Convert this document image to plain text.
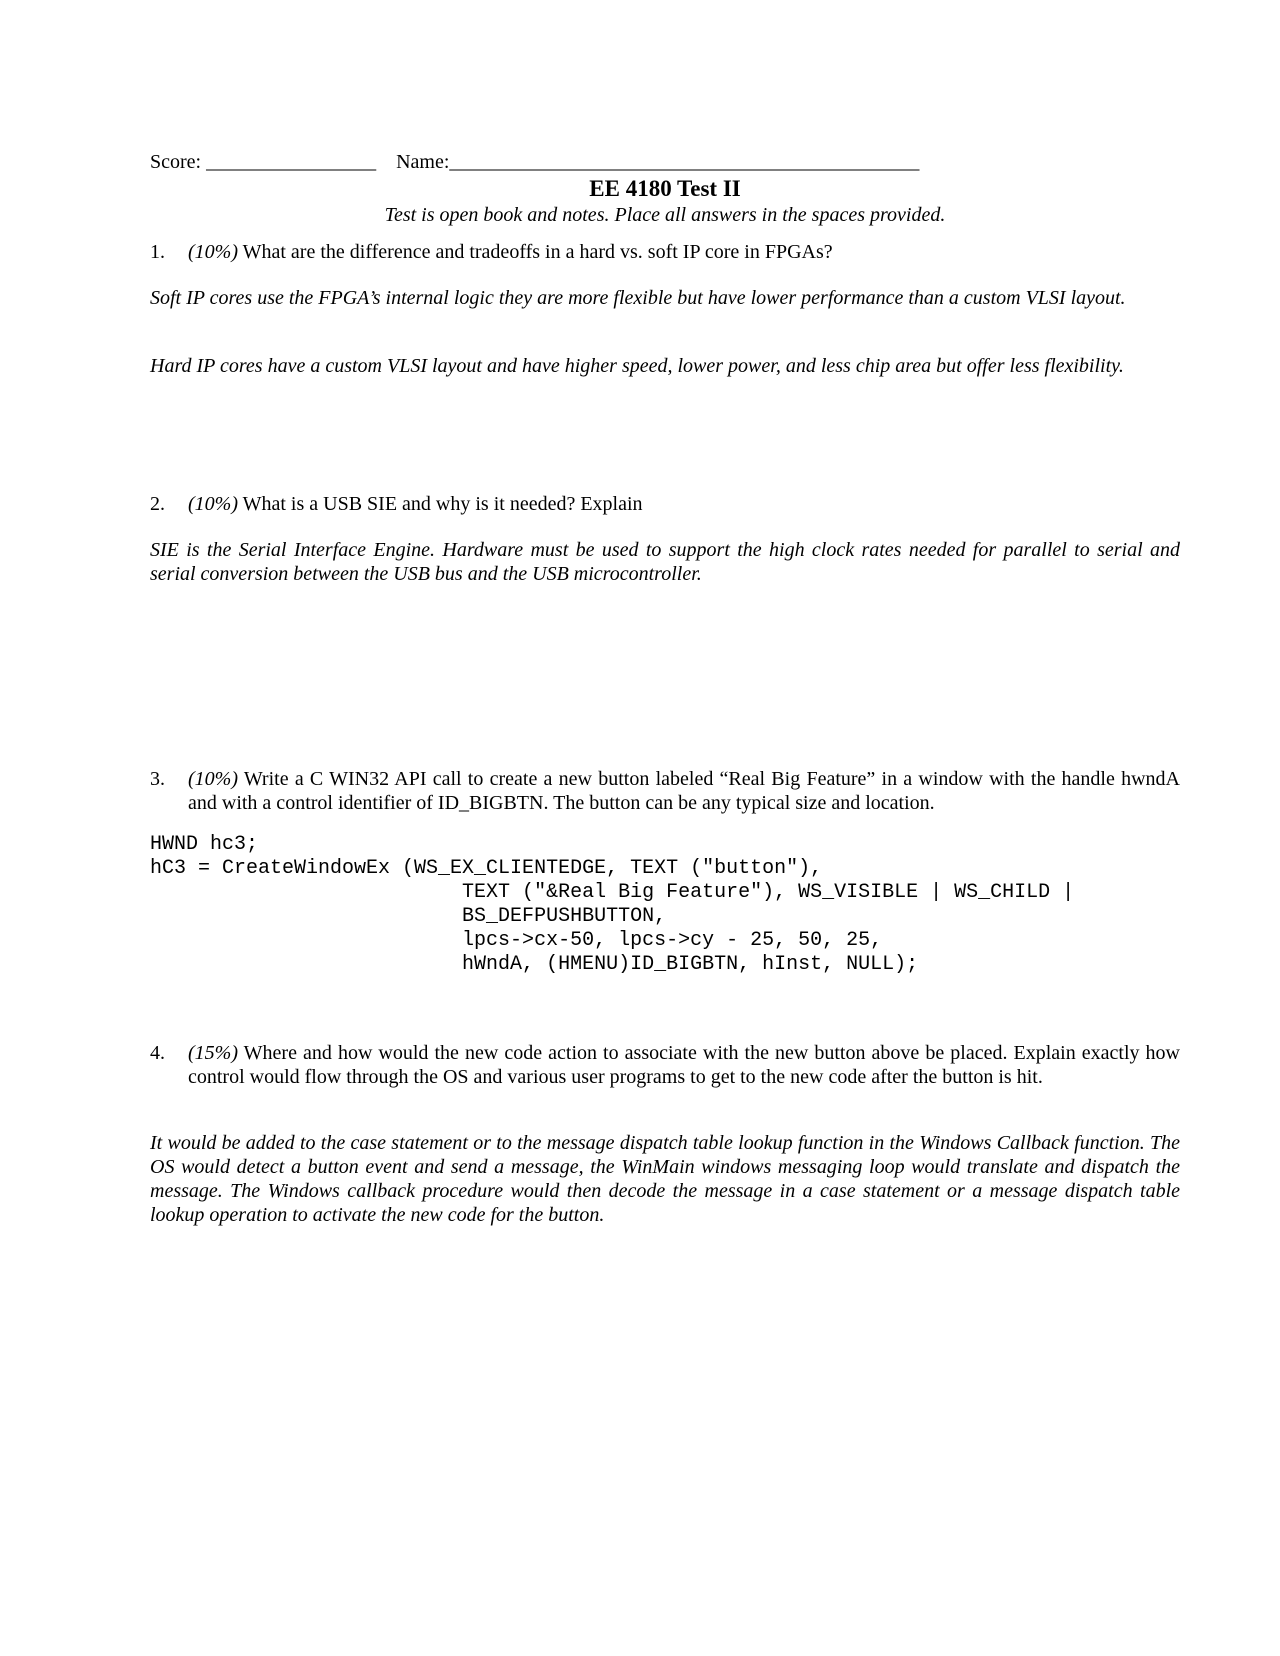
Score: _________________    Name:_______________________________________________
EE 4180 Test II
Test is open book and notes. Place all answers in the spaces provided.
1. (10%) What are the difference and tradeoffs in a hard vs. soft IP core in FPGAs?
Soft IP cores use the FPGA’s internal logic they are more flexible but have lower performance than a custom VLSI layout.
Hard IP cores have a custom VLSI layout and have higher speed, lower power, and less chip area but offer less flexibility.
2. (10%) What is a USB SIE and why is it needed? Explain
SIE is the Serial Interface Engine. Hardware must be used to support the high clock rates needed for parallel to serial and serial conversion between the USB bus and the USB microcontroller.
3. (10%) Write a C WIN32 API call to create a new button labeled “Real Big Feature” in a window with the handle hwndA and with a control identifier of ID_BIGBTN. The button can be any typical size and location.
HWND hc3;
hC3 = CreateWindowEx (WS_EX_CLIENTEDGE, TEXT ("button"),
TEXT ("&Real Big Feature"), WS_VISIBLE | WS_CHILD |
BS_DEFPUSHBUTTON,
lpcs->cx-50, lpcs->cy - 25, 50, 25,
hWndA, (HMENU)ID_BIGBTN, hInst, NULL);
4. (15%) Where and how would the new code action to associate with the new button above be placed. Explain exactly how control would flow through the OS and various user programs to get to the new code after the button is hit.
It would be added to the case statement or to the message dispatch table lookup function in the Windows Callback function. The OS would detect a button event and send a message, the WinMain windows messaging loop would translate and dispatch the message. The Windows callback procedure would then decode the message in a case statement or a message dispatch table lookup operation to activate the new code for the button.
